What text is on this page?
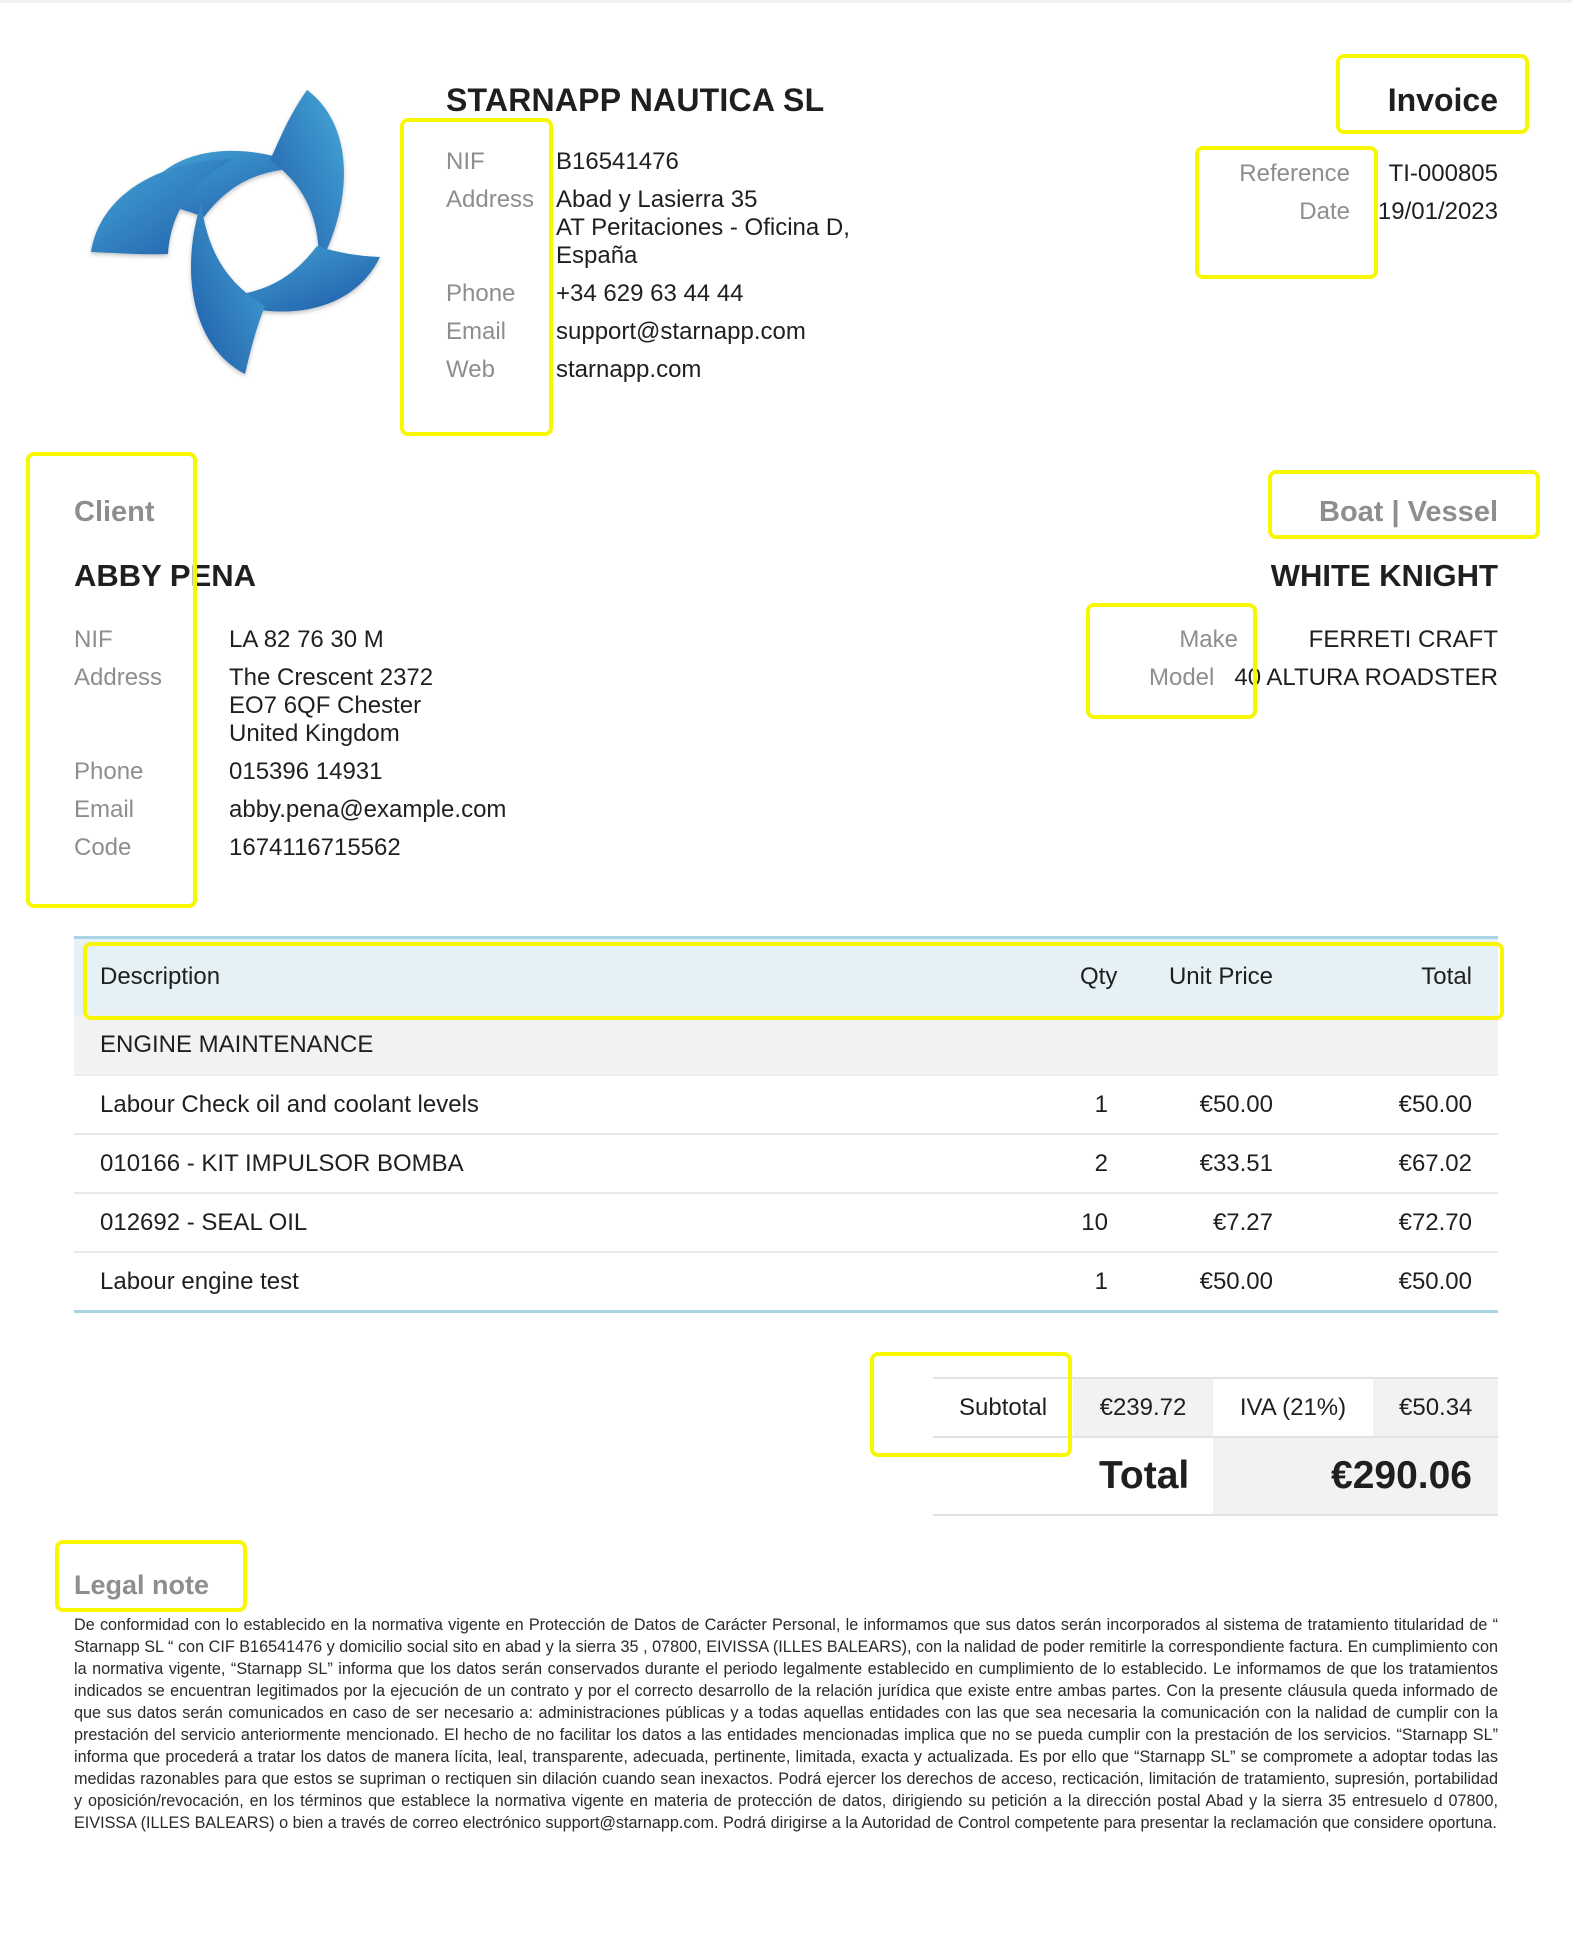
STARNAPP NAUTICA SL
NIF	B16541476
Address Abad y Lasierra 35
AT Peritaciones - Oficina D,
España
Phone	+34 629 63 44 44
Email	support@starnapp.com
Web	starnapp.com
Invoice
Reference	TI-000805
Date	19/01/2023
Client
ABBY PENA
NIF	LA 82 76 30 M
Address	The Crescent 2372
EO7 6QF Chester
United Kingdom
Phone	015396 14931
Email	abby.pena@example.com
Code	1674116715562
Boat | Vessel
WHITE KNIGHT
Make	FERRETI CRAFT
Model 40 ALTURA ROADSTER
Description	Qty	Unit Price	Total
ENGINE MAINTENANCE			
Labour Check oil and coolant levels	1	€50.00	€50.00
010166 - KIT IMPULSOR BOMBA	2	€33.51	€67.02
012692 - SEAL OIL	10	€7.27	€72.70
Labour engine test	1	€50.00	€50.00
Subtotal	€239.72	IVA (21%)	€50.34
	Total	€290.06	
Legal note

De conformidad con lo establecido en la normativa vigente en Protección de Datos de Carácter Personal, le informamos que sus datos serán incorporados al sistema de tratamiento titularidad de “ Starnapp SL “ con CIF B16541476 y domicilio social sito en abad y la sierra 35 , 07800, EIVISSA (ILLES BALEARS), con la nalidad de poder remitirle la correspondiente factura. En cumplimiento con la normativa vigente, “Starnapp SL” informa que los datos serán conservados durante el periodo legalmente establecido en cumplimiento de lo establecido. Le informamos de que los tratamientos indicados se encuentran legitimados por la ejecución de un contrato y por el correcto desarrollo de la relación jurídica que existe entre ambas partes. Con la presente cláusula queda informado de que sus datos serán comunicados en caso de ser necesario a: administraciones públicas y a todas aquellas entidades con las que sea necesaria la comunicación con la nalidad de cumplir con la prestación del servicio anteriormente mencionado. El hecho de no facilitar los datos a las entidades mencionadas implica que no se pueda cumplir con la prestación de los servicios. “Starnapp SL” informa que procederá a tratar los datos de manera lícita, leal, transparente, adecuada, pertinente, limitada, exacta y actualizada. Es por ello que “Starnapp SL” se compromete a adoptar todas las medidas razonables para que estos se supriman o rectiquen sin dilación cuando sean inexactos. Podrá ejercer los derechos de acceso, recticación, limitación de tratamiento, supresión, portabilidad y oposición/revocación, en los términos que establece la normativa vigente en materia de protección de datos, dirigiendo su petición a la dirección postal Abad y la sierra 35 entresuelo d 07800, EIVISSA (ILLES BALEARS) o bien a través de correo electrónico support@starnapp.com. Podrá dirigirse a la Autoridad de Control competente para presentar la reclamación que considere oportuna.
